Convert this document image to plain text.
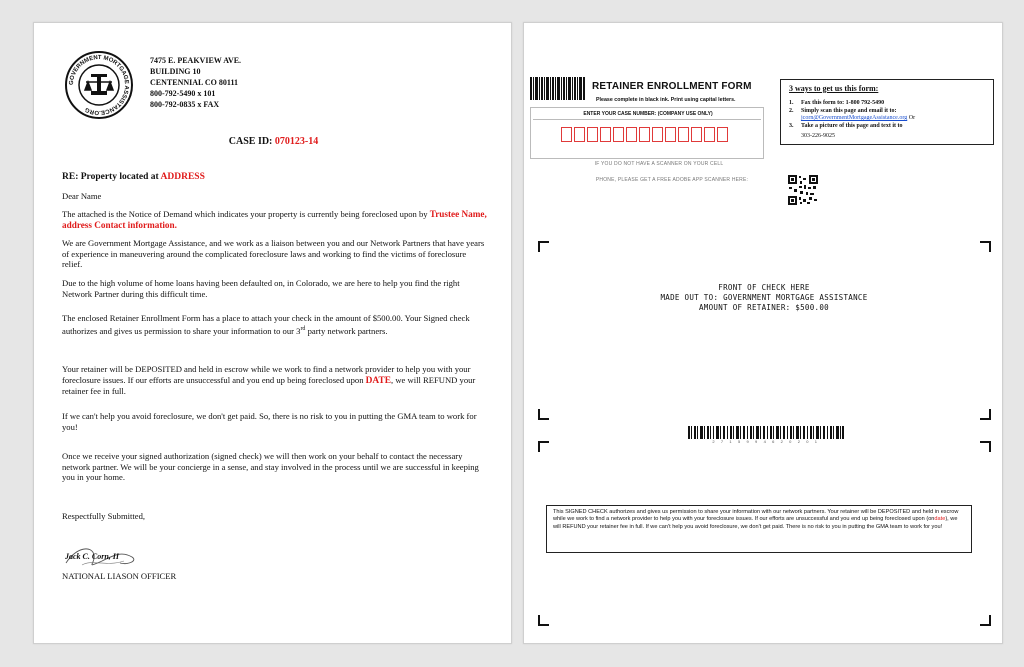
GOVERNMENT MORTGAGE ASSISTANCE.ORG
7475 E. PEAKVIEW AVE.
BUILDING 10
CENTENNIAL CO 80111
800-792-5490 x 101
800-792-0835 x FAX
CASE ID: 070123-14
RE: Property located at ADDRESS
Dear Name
The attached is the Notice of Demand which indicates your property is currently being foreclosed upon by Trustee Name, address Contact information.
We are Government Mortgage Assistance, and we work as a liaison between you and our Network Partners that have years of experience in maneuvering around the complicated foreclosure laws and working to find the victims of foreclosure relief.
Due to the high volume of home loans having been defaulted on, in Colorado, we are here to help you find the right Network Partner during this difficult time.
The enclosed Retainer Enrollment Form has a place to attach your check in the amount of $500.00. Your Signed check authorizes and gives us permission to share your information to our 3rd party network partners.
Your retainer will be DEPOSITED and held in escrow while we work to find a network provider to help you with your foreclosure issues. If our efforts are unsuccessful and you end up being foreclosed upon DATE, we will REFUND your retainer fee in full.
If we can't help you avoid foreclosure, we don't get paid. So, there is no risk to you in putting the GMA team to work for you!
Once we receive your signed authorization (signed check) we will then work on your behalf to contact the necessary network partner. We will be your concierge in a sense, and stay involved in the process until we are successful in keeping you in your home.
Respectfully Submitted,
Jack C. Corn, II
NATIONAL LIASON OFFICER
RETAINER ENROLLMENT FORM
Please complete in black ink. Print using capital letters.
ENTER YOUR CASE NUMBER: (COMPANY USE ONLY)
3 ways to get us this form:
1. Fax this form to: 1-800 792-5490
2. Simply scan this page and email it to:
jcorn@GovernmentMortgageAssistance.org Or
3. Take a picture of this page and text it to
303-226-9025
IF YOU DO NOT HAVE A SCANNER ON YOUR CELL
PHONE, PLEASE GET A FREE ADOBE APP SCANNER HERE:
FRONT OF CHECK HERE
MADE OUT TO: GOVERNMENT MORTGAGE ASSISTANCE
AMOUNT OF RETAINER: $500.00
2 7 1 5 9 9 4 6 2 0 2 0 1
This SIGNED CHECK authorizes and gives us permission to share your information with our network partners. Your retainer will be DEPOSITED and held in escrow while we work to find a network provider to help you with your foreclosure issues. If our efforts are unsuccessful and you end up being foreclosed upon (ondate), we will REFUND your retainer fee in full. If we can't help you avoid foreclosure, we don't get paid. There is no risk to you in putting the GMA team to work for you!
